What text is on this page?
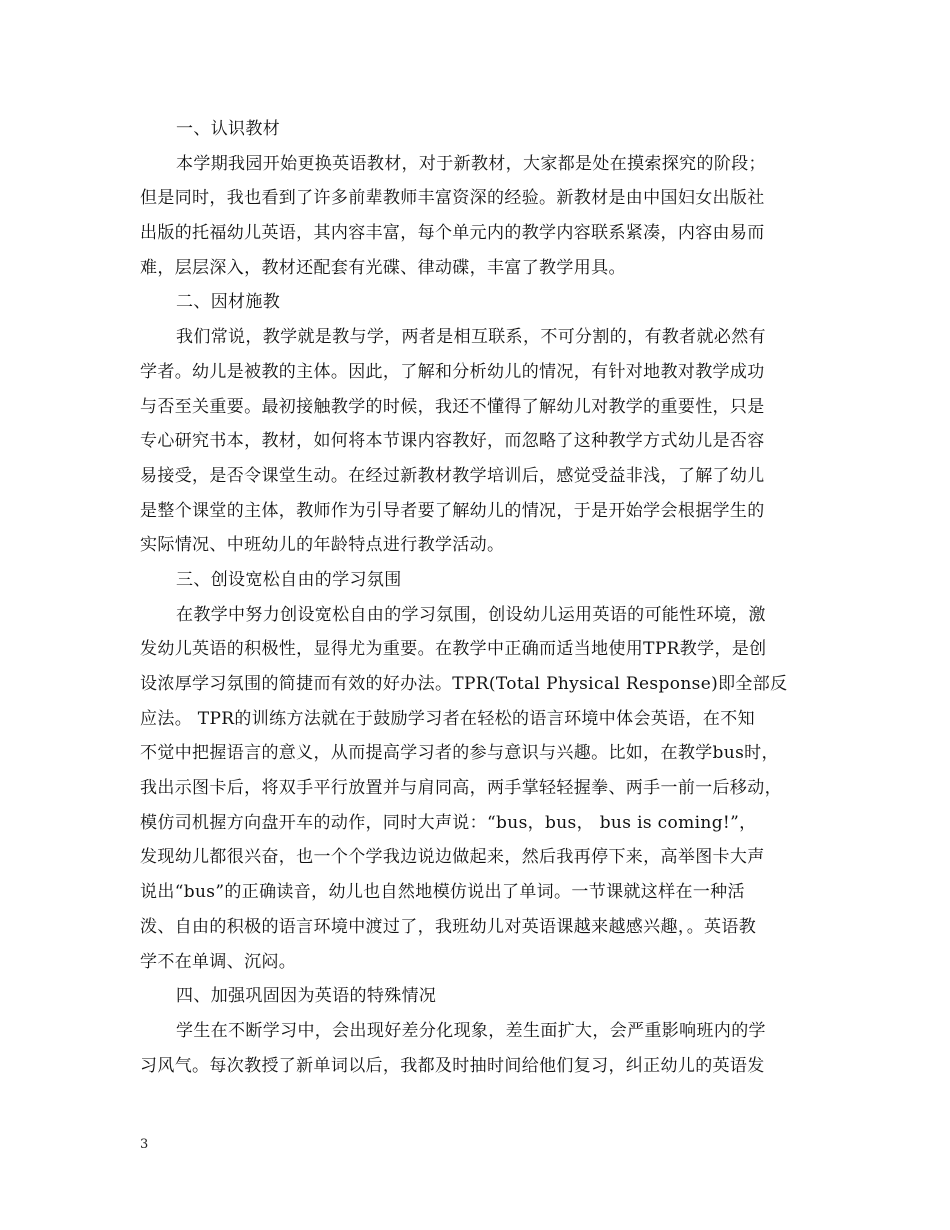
一、认识教材
本学期我园开始更换英语教材，对于新教材，大家都是处在摸索探究的阶段；
但是同时，我也看到了许多前辈教师丰富资深的经验。新教材是由中国妇女出版社
出版的托福幼儿英语，其内容丰富，每个单元内的教学内容联系紧凑，内容由易而
难，层层深入，教材还配套有光碟、律动碟，丰富了教学用具。
二、因材施教
我们常说，教学就是教与学，两者是相互联系，不可分割的，有教者就必然有
学者。幼儿是被教的主体。因此，了解和分析幼儿的情况，有针对地教对教学成功
与否至关重要。最初接触教学的时候，我还不懂得了解幼儿对教学的重要性，只是
专心研究书本，教材，如何将本节课内容教好，而忽略了这种教学方式幼儿是否容
易接受，是否令课堂生动。在经过新教材教学培训后，感觉受益非浅，了解了幼儿
是整个课堂的主体，教师作为引导者要了解幼儿的情况，于是开始学会根据学生的
实际情况、中班幼儿的年龄特点进行教学活动。
三、创设宽松自由的学习氛围
在教学中努力创设宽松自由的学习氛围，创设幼儿运用英语的可能性环境，激
发幼儿英语的积极性，显得尤为重要。在教学中正确而适当地使用TPR教学，是创
设浓厚学习氛围的简捷而有效的好办法。TPR(Total Physical Response)即全部反
应法。 TPR的训练方法就在于鼓励学习者在轻松的语言环境中体会英语，在不知
不觉中把握语言的意义，从而提高学习者的参与意识与兴趣。比如，在教学bus时，
我出示图卡后，将双手平行放置并与肩同高，两手掌轻轻握拳、两手一前一后移动，
模仿司机握方向盘开车的动作，同时大声说：“bus，bus， bus is coming!”，
发现幼儿都很兴奋，也一个个学我边说边做起来，然后我再停下来，高举图卡大声
说出“bus”的正确读音，幼儿也自然地模仿说出了单词。一节课就这样在一种活
泼、自由的积极的语言环境中渡过了，我班幼儿对英语课越来越感兴趣，。英语教
学不在单调、沉闷。
四、加强巩固因为英语的特殊情况
学生在不断学习中，会出现好差分化现象，差生面扩大，会严重影响班内的学
习风气。每次教授了新单词以后，我都及时抽时间给他们复习，纠正幼儿的英语发
3
